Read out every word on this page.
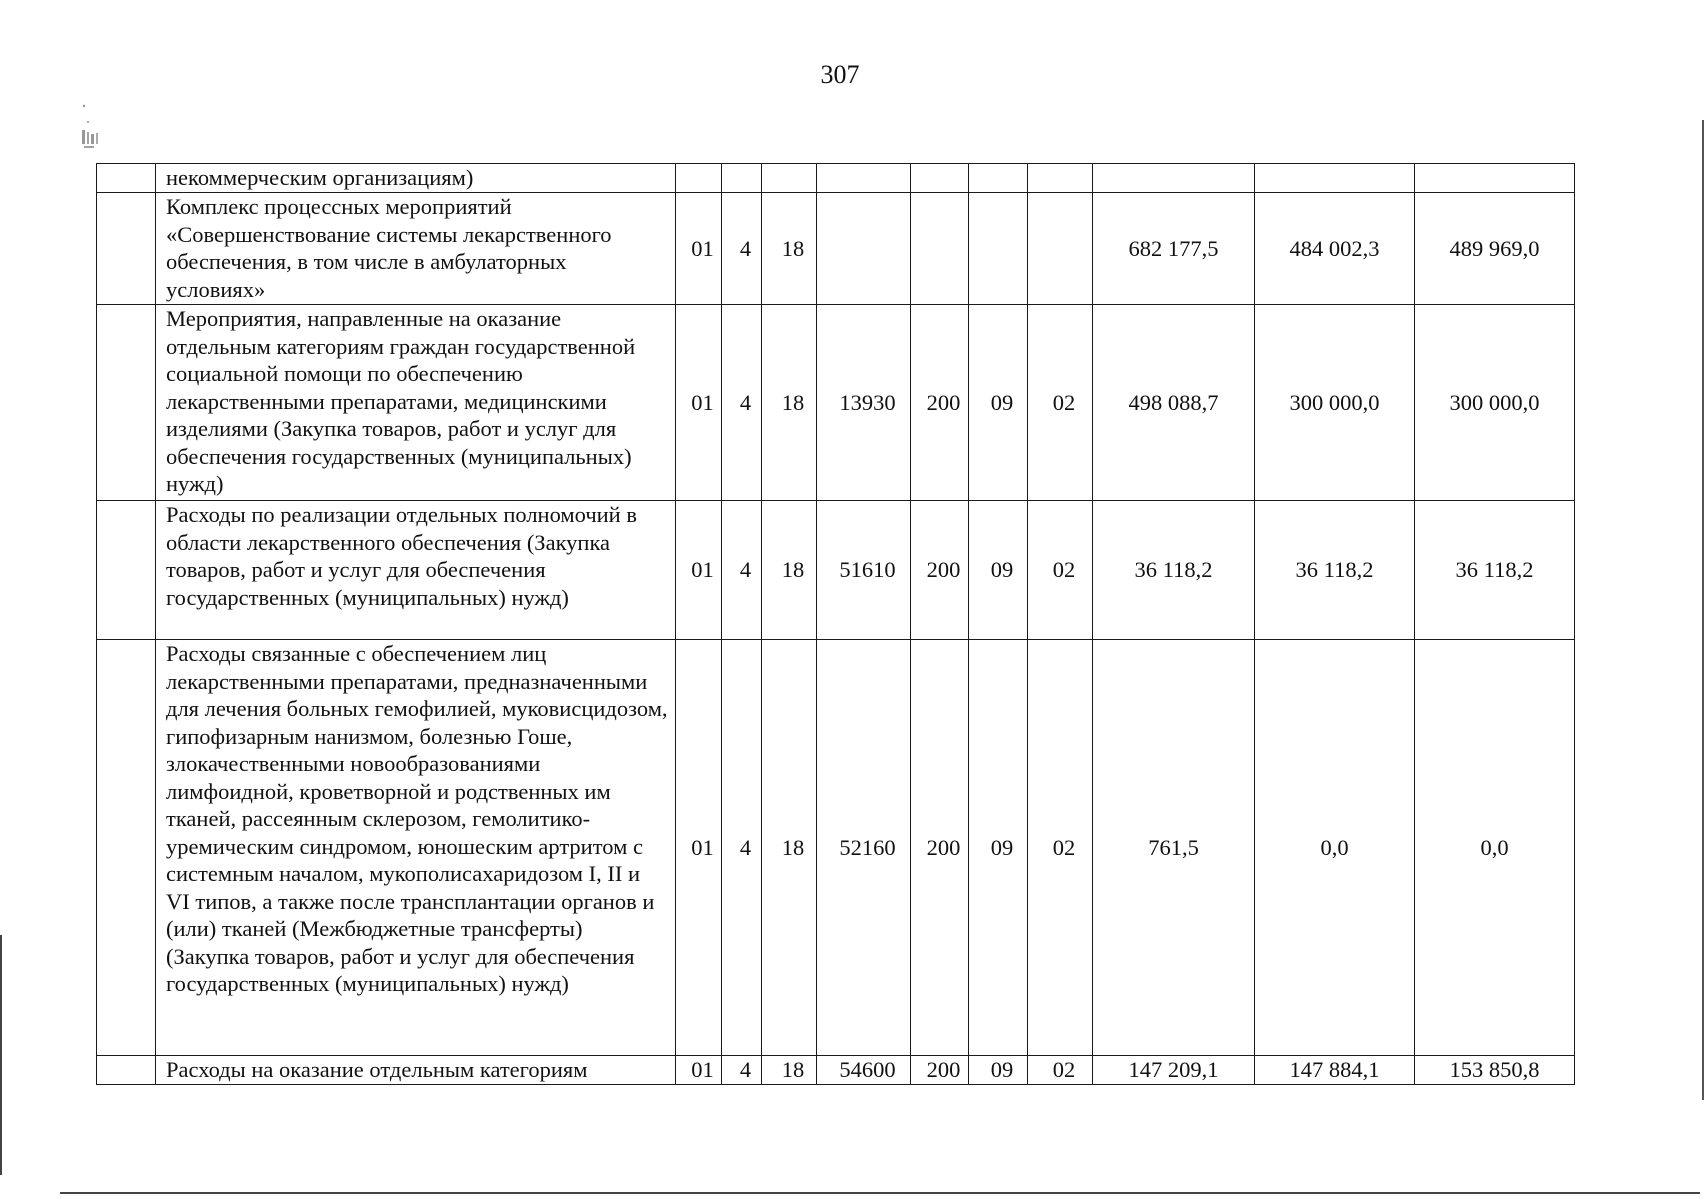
307
	некоммерческим организациям)										
	Комплекс процессных мероприятий «Совершенствование системы лекарственного обеспечения, в том числе в амбулаторных условиях»	01	4	18					682 177,5	484 002,3	489 969,0
	Мероприятия, направленные на оказание отдельным категориям граждан государственной социальной помощи по обеспечению лекарственными препаратами, медицинскими изделиями (Закупка товаров, работ и услуг для обеспечения государственных (муниципальных) нужд)	01	4	18	13930	200	09	02	498 088,7	300 000,0	300 000,0
	Расходы по реализации отдельных полномочий в области лекарственного обеспечения (Закупка товаров, работ и услуг для обеспечения государственных (муниципальных) нужд)	01	4	18	51610	200	09	02	36 118,2	36 118,2	36 118,2
	Расходы связанные с обеспечением лиц лекарственными препаратами, предназначенными для лечения больных гемофилией, муковисцидозом, гипофизарным нанизмом, болезнью Гоше, злокачественными новообразованиями лимфоидной, кроветворной и родственных им тканей, рассеянным склерозом, гемолитико-уремическим синдромом, юношеским артритом с системным началом, мукополисахаридозом I, II и VI типов, а также после трансплантации органов и (или) тканей (Межбюджетные трансферты) (Закупка товаров, работ и услуг для обеспечения государственных (муниципальных) нужд)	01	4	18	52160	200	09	02	761,5	0,0	0,0
	Расходы на оказание отдельным категориям	01	4	18	54600	200	09	02	147 209,1	147 884,1	153 850,8
